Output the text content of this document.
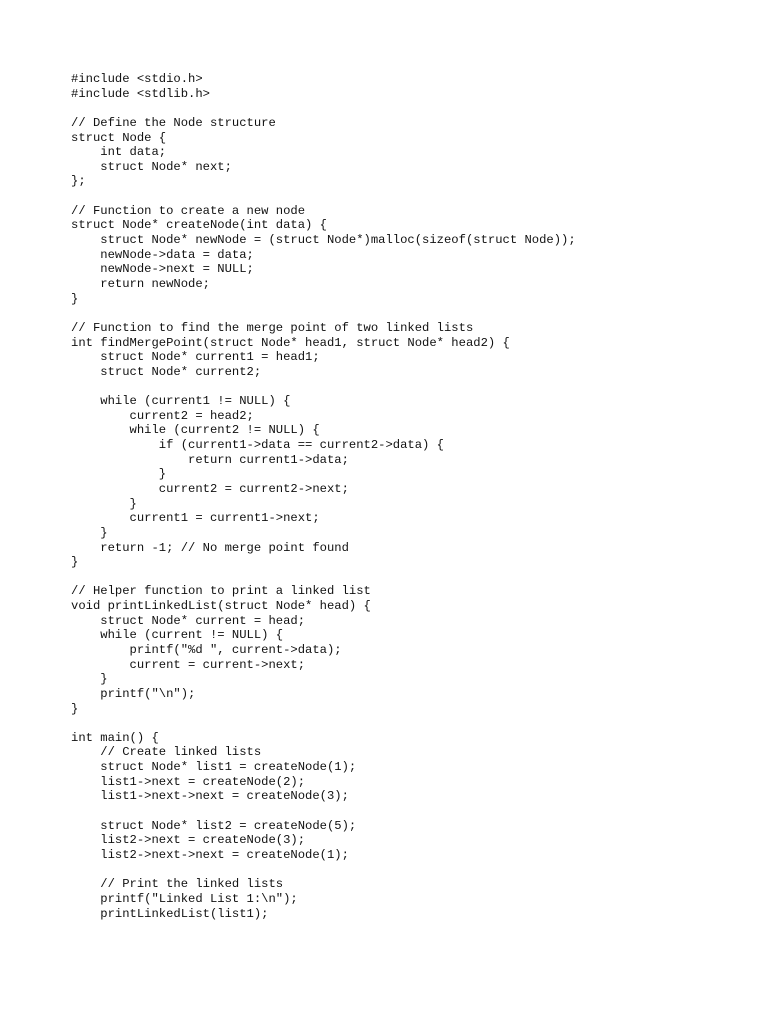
#include <stdio.h>
#include <stdlib.h>
// Define the Node structure
struct Node {
int data;
struct Node* next;
};
// Function to create a new node
struct Node* createNode(int data) {
struct Node* newNode = (struct Node*)malloc(sizeof(struct Node));
newNode->data = data;
newNode->next = NULL;
return newNode;
}
// Function to find the merge point of two linked lists
int findMergePoint(struct Node* head1, struct Node* head2) {
struct Node* current1 = head1;
struct Node* current2;
while (current1 != NULL) {
current2 = head2;
while (current2 != NULL) {
if (current1->data == current2->data) {
return current1->data;
}
current2 = current2->next;
}
current1 = current1->next;
}
return -1; // No merge point found
}
// Helper function to print a linked list
void printLinkedList(struct Node* head) {
struct Node* current = head;
while (current != NULL) {
printf("%d ", current->data);
current = current->next;
}
printf("\n");
}
int main() {
// Create linked lists
struct Node* list1 = createNode(1);
list1->next = createNode(2);
list1->next->next = createNode(3);
struct Node* list2 = createNode(5);
list2->next = createNode(3);
list2->next->next = createNode(1);
// Print the linked lists
printf("Linked List 1:\n");
printLinkedList(list1);
